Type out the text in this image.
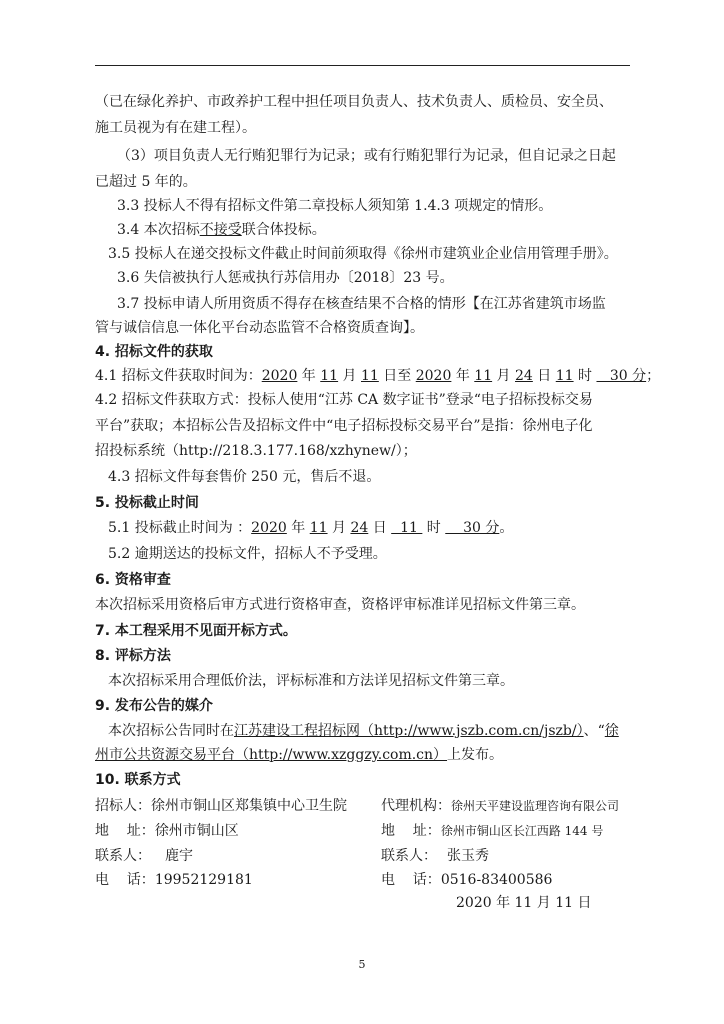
（已在绿化养护、市政养护工程中担任项目负责人、技术负责人、质检员、安全员、
施工员视为有在建工程）。
（3）项目负责人无行贿犯罪行为记录；或有行贿犯罪行为记录，但自记录之日起
已超过 5 年的。
3.3 投标人不得有招标文件第二章投标人须知第 1.4.3 项规定的情形。
3.4 本次招标不接受联合体投标。
3.5 投标人在递交投标文件截止时间前须取得《徐州市建筑业企业信用管理手册》。
3.6 失信被执行人惩戒执行苏信用办〔2018〕23 号。
3.7 投标申请人所用资质不得存在核查结果不合格的情形【在江苏省建筑市场监
管与诚信信息一体化平台动态监管不合格资质查询】。
4. 招标文件的获取
4.1 招标文件获取时间为：2020 年 11 月 11 日至 2020 年 11 月 24 日 11 时    30 分；
4.2 招标文件获取方式：投标人使用“江苏 CA 数字证书”登录“电子招标投标交易
平台”获取；本招标公告及招标文件中“电子招标投标交易平台”是指：徐州电子化
招投标系统（http://218.3.177.168/xzhynew/）；
4.3 招标文件每套售价 250 元，售后不退。
5. 投标截止时间
5.1 投标截止时间为 ：2020 年 11 月 24 日   11  时     30 分。
5.2 逾期送达的投标文件，招标人不予受理。
6. 资格审查
本次招标采用资格后审方式进行资格审查，资格评审标准详见招标文件第三章。
7. 本工程采用不见面开标方式。
8. 评标方法
本次招标采用合理低价法，评标标准和方法详见招标文件第三章。
9. 发布公告的媒介
本次招标公告同时在江苏建设工程招标网（http://www.jszb.com.cn/jszb/）、“徐
州市公共资源交易平台（http://www.xzggzy.com.cn）上发布。
10. 联系方式
招标人：徐州市铜山区郑集镇中心卫生院 代理机构：徐州天平建设监理咨询有限公司
地    址：徐州市铜山区	地    址：徐州市铜山区长江西路 144 号
联系人： 鹿宇	联系人： 张玉秀
电    话：19952129181	电    话：0516-83400586
2020 年 11 月 11 日
5
